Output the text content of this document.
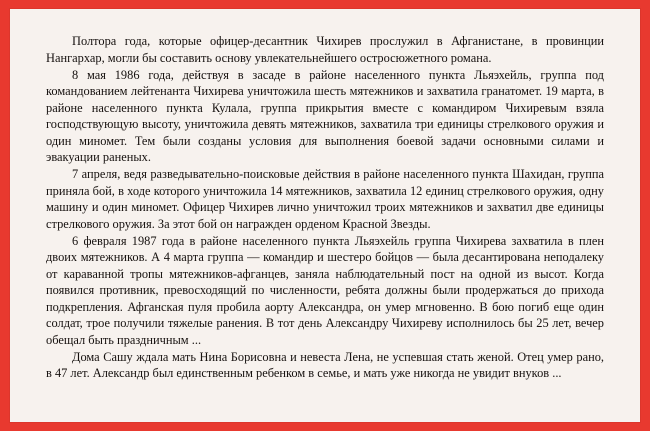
Полтора года, которые офицер-десантник Чихирев прослужил в Афганистане, в провинции Нангархар, могли бы составить основу увлекательнейшего остросюжетного романа.

8 мая 1986 года, действуя в засаде в районе населенного пункта Льяэхейль, группа под командованием лейтенанта Чихирева уничтожила шесть мятежников и захватила гранатомет. 19 марта, в районе населенного пункта Кулала, группа прикрытия вместе с командиром Чихиревым взяла господствующую высоту, уничтожила девять мятежников, захватила три единицы стрелкового оружия и один миномет. Тем были созданы условия для выполнения боевой задачи основными силами и эвакуации раненых.

7 апреля, ведя разведывательно-поисковые действия в районе населенного пункта Шахидан, группа приняла бой, в ходе которого уничтожила 14 мятежников, захватила 12 единиц стрелкового оружия, одну машину и один миномет. Офицер Чихирев лично уничтожил троих мятежников и захватил две единицы стрелкового оружия. За этот бой он награжден орденом Красной Звезды.

6 февраля 1987 года в районе населенного пункта Льяэхейль группа Чихирева захватила в плен двоих мятежников. А 4 марта группа — командир и шестеро бойцов — была десантирована неподалеку от караванной тропы мятежников-афганцев, заняла наблюдательный пост на одной из высот. Когда появился противник, превосходящий по численности, ребята должны были продержаться до прихода подкрепления. Афганская пуля пробила аорту Александра, он умер мгновенно. В бою погиб еще один солдат, трое получили тяжелые ранения. В тот день Александру Чихиреву исполнилось бы 25 лет, вечер обещал быть праздничным ...

Дома Сашу ждала мать Нина Борисовна и невеста Лена, не успевшая стать женой. Отец умер рано, в 47 лет. Александр был единственным ребенком в семье, и мать уже никогда не увидит внуков ...
